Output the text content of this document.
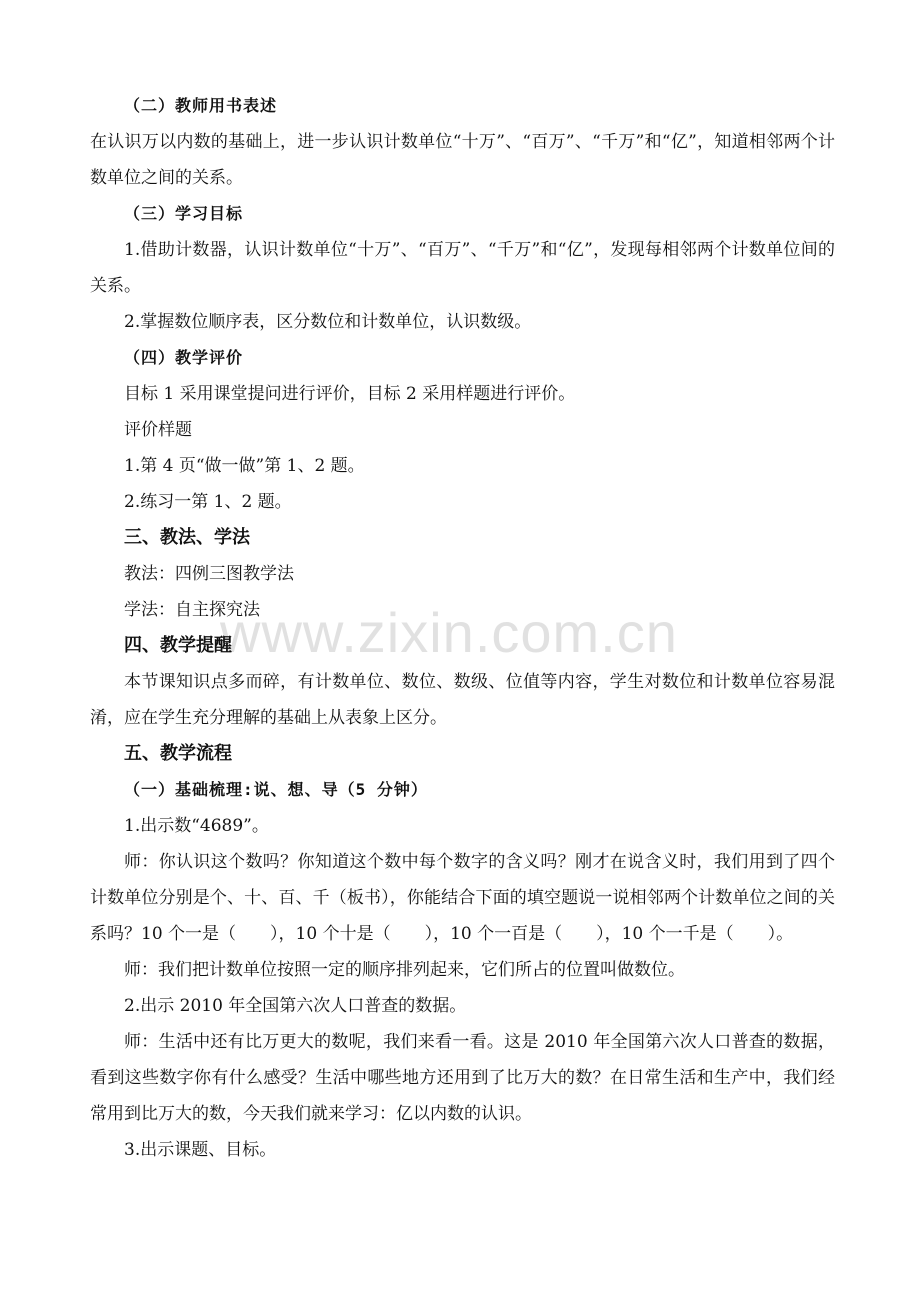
www.zixin.com.cn

（二）教师用书表述

在认识万以内数的基础上，进一步认识计数单位“十万”、“百万”、“千万”和“亿”，知道相邻两个计数单位之间的关系。

（三）学习目标

1.借助计数器，认识计数单位“十万”、“百万”、“千万”和“亿”，发现每相邻两个计数单位间的关系。

2.掌握数位顺序表，区分数位和计数单位，认识数级。

（四）教学评价

目标 1 采用课堂提问进行评价，目标 2 采用样题进行评价。

评价样题

1.第 4 页“做一做”第 1、2 题。

2.练习一第 1、2 题。

三、教法、学法

教法：四例三图教学法

学法：自主探究法

四、教学提醒

本节课知识点多而碎，有计数单位、数位、数级、位值等内容，学生对数位和计数单位容易混淆，应在学生充分理解的基础上从表象上区分。

五、教学流程

（一）基础梳理:说、想、导（5 分钟）

1.出示数“4689”。

师：你认识这个数吗？你知道这个数中每个数字的含义吗？刚才在说含义时，我们用到了四个计数单位分别是个、十、百、千（板书），你能结合下面的填空题说一说相邻两个计数单位之间的关系吗？10 个一是（　　），10 个十是（　　），10 个一百是（　　），10 个一千是（　　）。

师：我们把计数单位按照一定的顺序排列起来，它们所占的位置叫做数位。

2.出示 2010 年全国第六次人口普查的数据。

师：生活中还有比万更大的数呢，我们来看一看。这是 2010 年全国第六次人口普查的数据，看到这些数字你有什么感受？生活中哪些地方还用到了比万大的数？在日常生活和生产中，我们经常用到比万大的数，今天我们就来学习：亿以内数的认识。

3.出示课题、目标。
